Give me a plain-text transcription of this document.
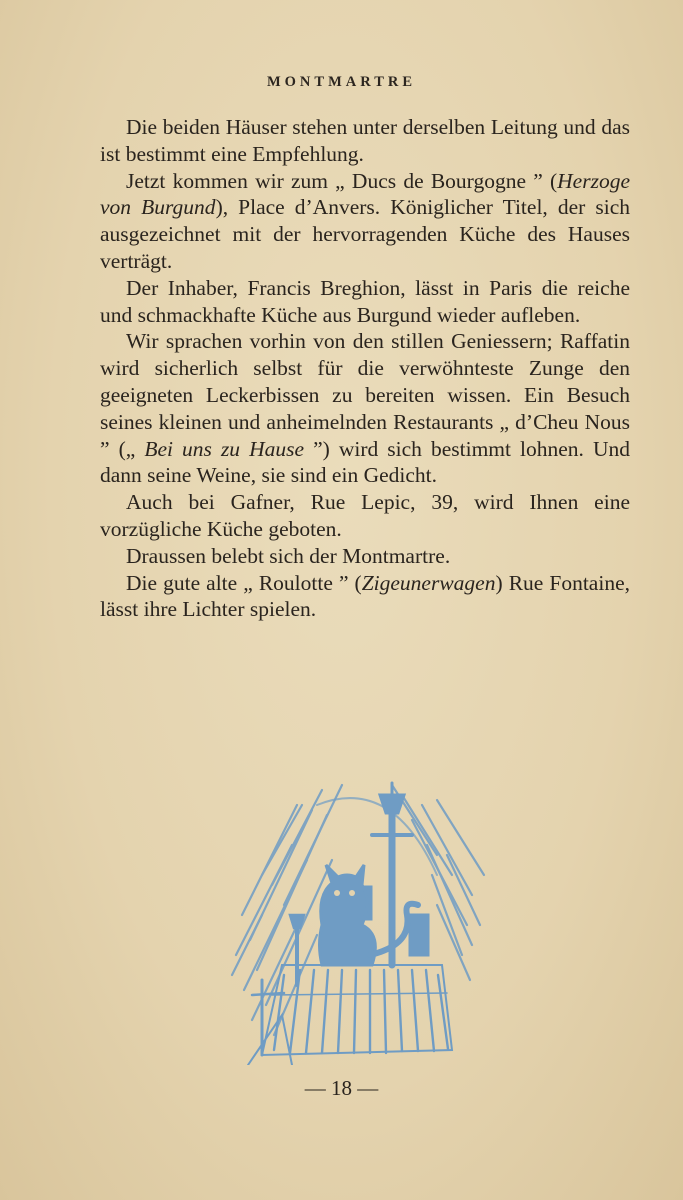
MONTMARTRE

Die beiden Häuser stehen unter derselben Leitung und das ist bestimmt eine Empfehlung.

Jetzt kommen wir zum „ Ducs de Bourgogne ” (Herzoge von Burgund), Place d’Anvers. Königlicher Titel, der sich ausgezeichnet mit der hervorragenden Küche des Hauses verträgt.

Der Inhaber, Francis Breghion, lässt in Paris die reiche und schmackhafte Küche aus Burgund wieder aufleben.

Wir sprachen vorhin von den stillen Geniessern; Raffatin wird sicherlich selbst für die verwöhnteste Zunge den geeigneten Leckerbissen zu bereiten wissen. Ein Besuch seines kleinen und anheimelnden Restaurants „ d’Cheu Nous ” („ Bei uns zu Hause ”) wird sich bestimmt lohnen. Und dann seine Weine, sie sind ein Gedicht.

Auch bei Gafner, Rue Lepic, 39, wird Ihnen eine vorzügliche Küche geboten.

Draussen belebt sich der Montmartre.

Die gute alte „ Roulotte ” (Zigeunerwagen) Rue Fontaine, lässt ihre Lichter spielen.

— 18 —
